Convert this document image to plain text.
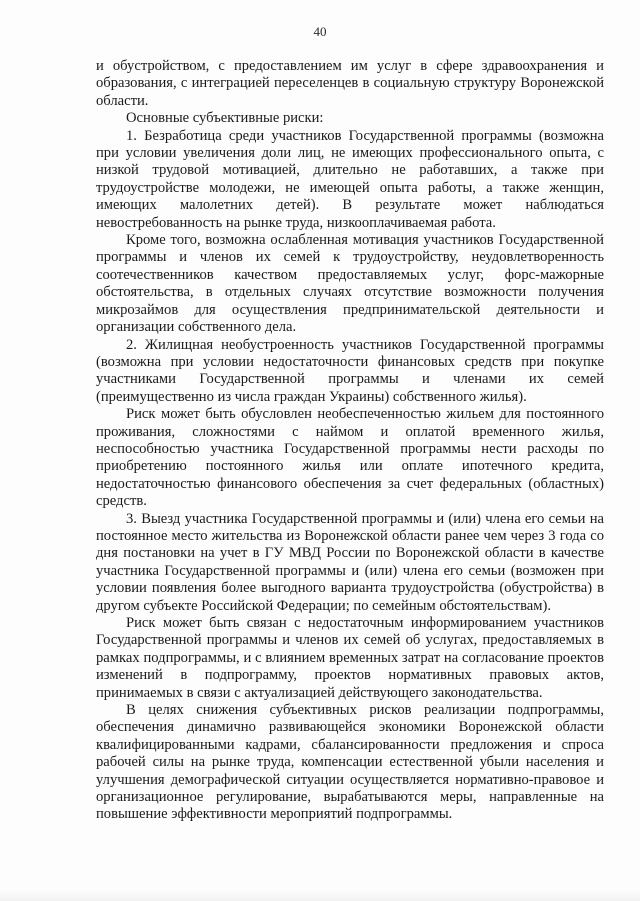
40

и обустройством, с предоставлением им услуг в сфере здравоохранения и образования, с интеграцией переселенцев в социальную структуру Воронежской области.

Основные субъективные риски:

1. Безработица среди участников Государственной программы (возможна при условии увеличения доли лиц, не имеющих профессионального опыта, с низкой трудовой мотивацией, длительно не работавших, а также при трудоустройстве молодежи, не имеющей опыта работы, а также женщин, имеющих малолетних детей). В результате может наблюдаться невостребованность на рынке труда, низкооплачиваемая работа.

Кроме того, возможна ослабленная мотивация участников Государственной программы и членов их семей к трудоустройству, неудовлетворенность соотечественников качеством предоставляемых услуг, форс-мажорные обстоятельства, в отдельных случаях отсутствие возможности получения микрозаймов для осуществления предпринимательской деятельности и организации собственного дела.

2. Жилищная необустроенность участников Государственной программы (возможна при условии недостаточности финансовых средств при покупке участниками Государственной программы и членами их семей (преимущественно из числа граждан Украины) собственного жилья).

Риск может быть обусловлен необеспеченностью жильем для постоянного проживания, сложностями с наймом и оплатой временного жилья, неспособностью участника Государственной программы нести расходы по приобретению постоянного жилья или оплате ипотечного кредита, недостаточностью финансового обеспечения за счет федеральных (областных) средств.

3. Выезд участника Государственной программы и (или) члена его семьи на постоянное место жительства из Воронежской области ранее чем через 3 года со дня постановки на учет в ГУ МВД России по Воронежской области в качестве участника Государственной программы и (или) члена его семьи (возможен при условии появления более выгодного варианта трудоустройства (обустройства) в другом субъекте Российской Федерации; по семейным обстоятельствам).

Риск может быть связан с недостаточным информированием участников Государственной программы и членов их семей об услугах, предоставляемых в рамках подпрограммы, и с влиянием временных затрат на согласование проектов изменений в подпрограмму, проектов нормативных правовых актов, принимаемых в связи с актуализацией действующего законодательства.

В целях снижения субъективных рисков реализации подпрограммы, обеспечения динамично развивающейся экономики Воронежской области квалифицированными кадрами, сбалансированности предложения и спроса рабочей силы на рынке труда, компенсации естественной убыли населения и улучшения демографической ситуации осуществляется нормативно-правовое и организационное регулирование, вырабатываются меры, направленные на повышение эффективности мероприятий подпрограммы.
